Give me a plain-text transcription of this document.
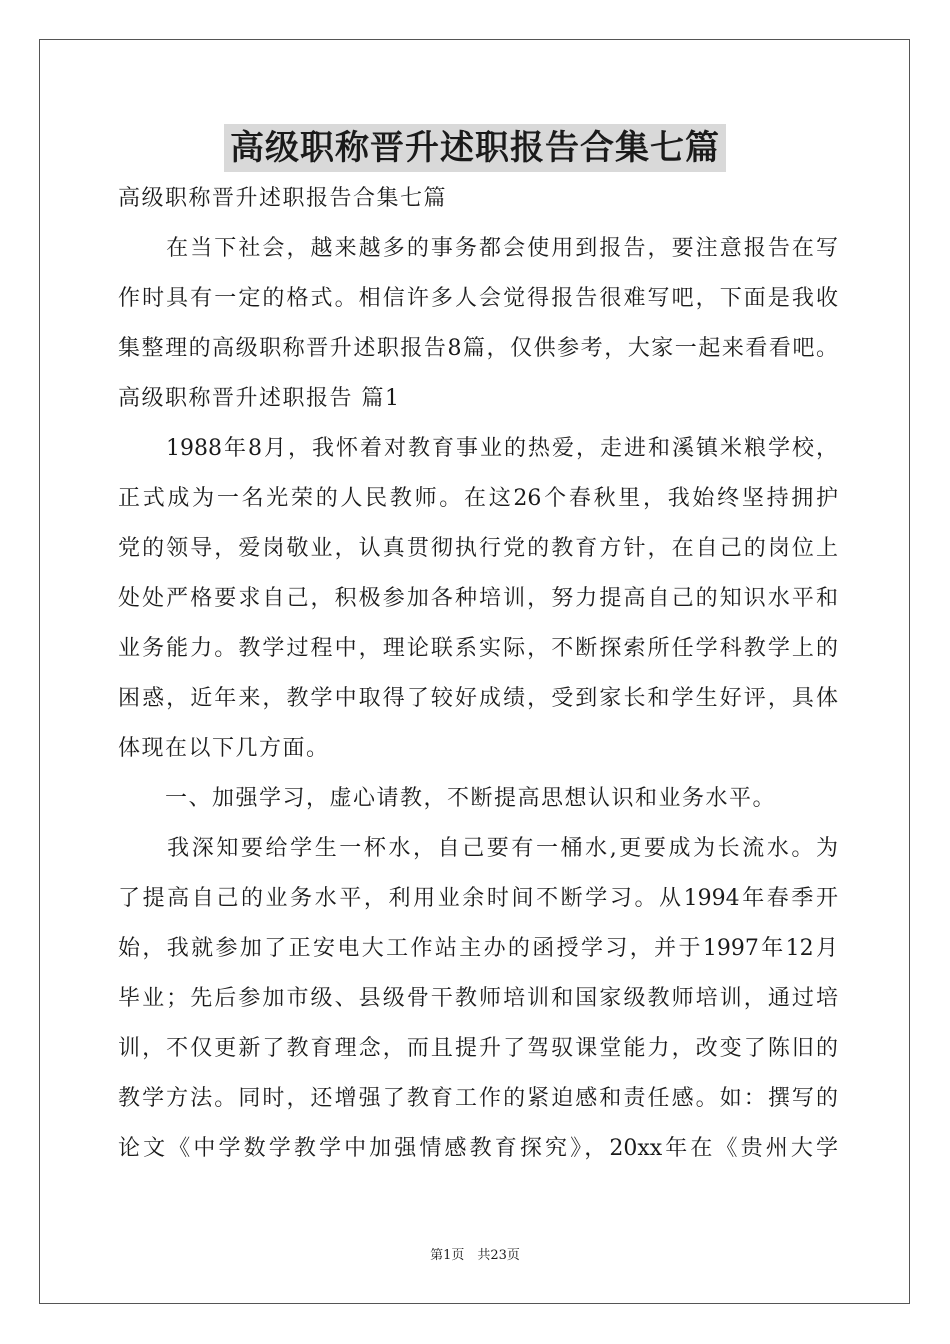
高级职称晋升述职报告合集七篇
高级职称晋升述职报告合集七篇
　　在当下社会，越来越多的事务都会使用到报告，要注意报告在写
作时具有一定的格式。相信许多人会觉得报告很难写吧，下面是我收
集整理的高级职称晋升述职报告8篇，仅供参考，大家一起来看看吧。
高级职称晋升述职报告 篇1
　　1988年8月，我怀着对教育事业的热爱，走进和溪镇米粮学校，
正式成为一名光荣的人民教师。在这26个春秋里，我始终坚持拥护
党的领导，爱岗敬业，认真贯彻执行党的教育方针，在自己的岗位上
处处严格要求自己，积极参加各种培训，努力提高自己的知识水平和
业务能力。教学过程中，理论联系实际，不断探索所任学科教学上的
困惑，近年来，教学中取得了较好成绩，受到家长和学生好评，具体
体现在以下几方面。
　　一、加强学习，虚心请教，不断提高思想认识和业务水平。
　　我深知要给学生一杯水，自己要有一桶水,更要成为长流水。为
了提高自己的业务水平，利用业余时间不断学习。从1994年春季开
始，我就参加了正安电大工作站主办的函授学习，并于1997年12月
毕业；先后参加市级、县级骨干教师培训和国家级教师培训，通过培
训，不仅更新了教育理念，而且提升了驾驭课堂能力，改变了陈旧的
教学方法。同时，还增强了教育工作的紧迫感和责任感。如：撰写的
论文《中学数学教学中加强情感教育探究》，20xx年在《贵州大学
第1页　共23页
